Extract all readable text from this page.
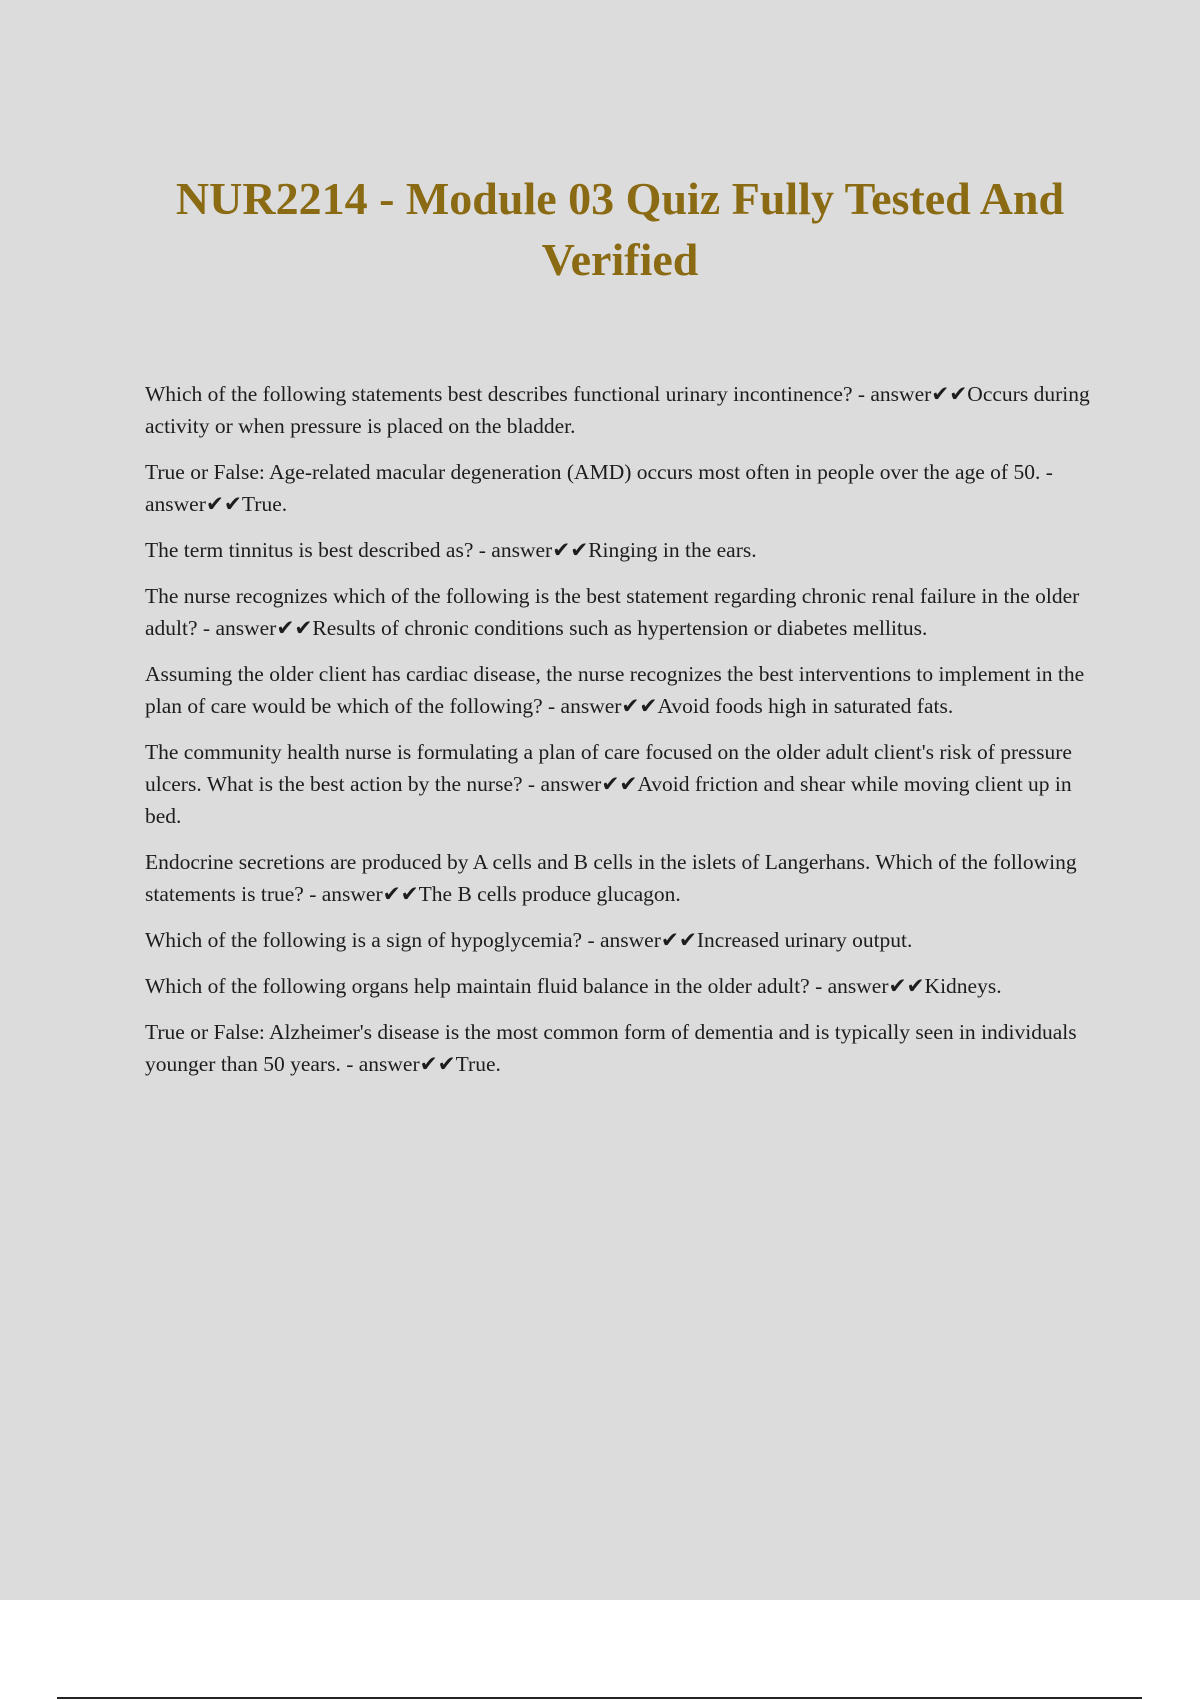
NUR2214 - Module 03 Quiz Fully Tested And Verified
Which of the following statements best describes functional urinary incontinence? - answer✔✔Occurs during activity or when pressure is placed on the bladder.
True or False: Age-related macular degeneration (AMD) occurs most often in people over the age of 50. - answer✔✔True.
The term tinnitus is best described as? - answer✔✔Ringing in the ears.
The nurse recognizes which of the following is the best statement regarding chronic renal failure in the older adult? - answer✔✔Results of chronic conditions such as hypertension or diabetes mellitus.
Assuming the older client has cardiac disease, the nurse recognizes the best interventions to implement in the plan of care would be which of the following? - answer✔✔Avoid foods high in saturated fats.
The community health nurse is formulating a plan of care focused on the older adult client's risk of pressure ulcers. What is the best action by the nurse? - answer✔✔Avoid friction and shear while moving client up in bed.
Endocrine secretions are produced by A cells and B cells in the islets of Langerhans. Which of the following statements is true? - answer✔✔The B cells produce glucagon.
Which of the following is a sign of hypoglycemia? - answer✔✔Increased urinary output.
Which of the following organs help maintain fluid balance in the older adult? - answer✔✔Kidneys.
True or False: Alzheimer's disease is the most common form of dementia and is typically seen in individuals younger than 50 years. - answer✔✔True.
